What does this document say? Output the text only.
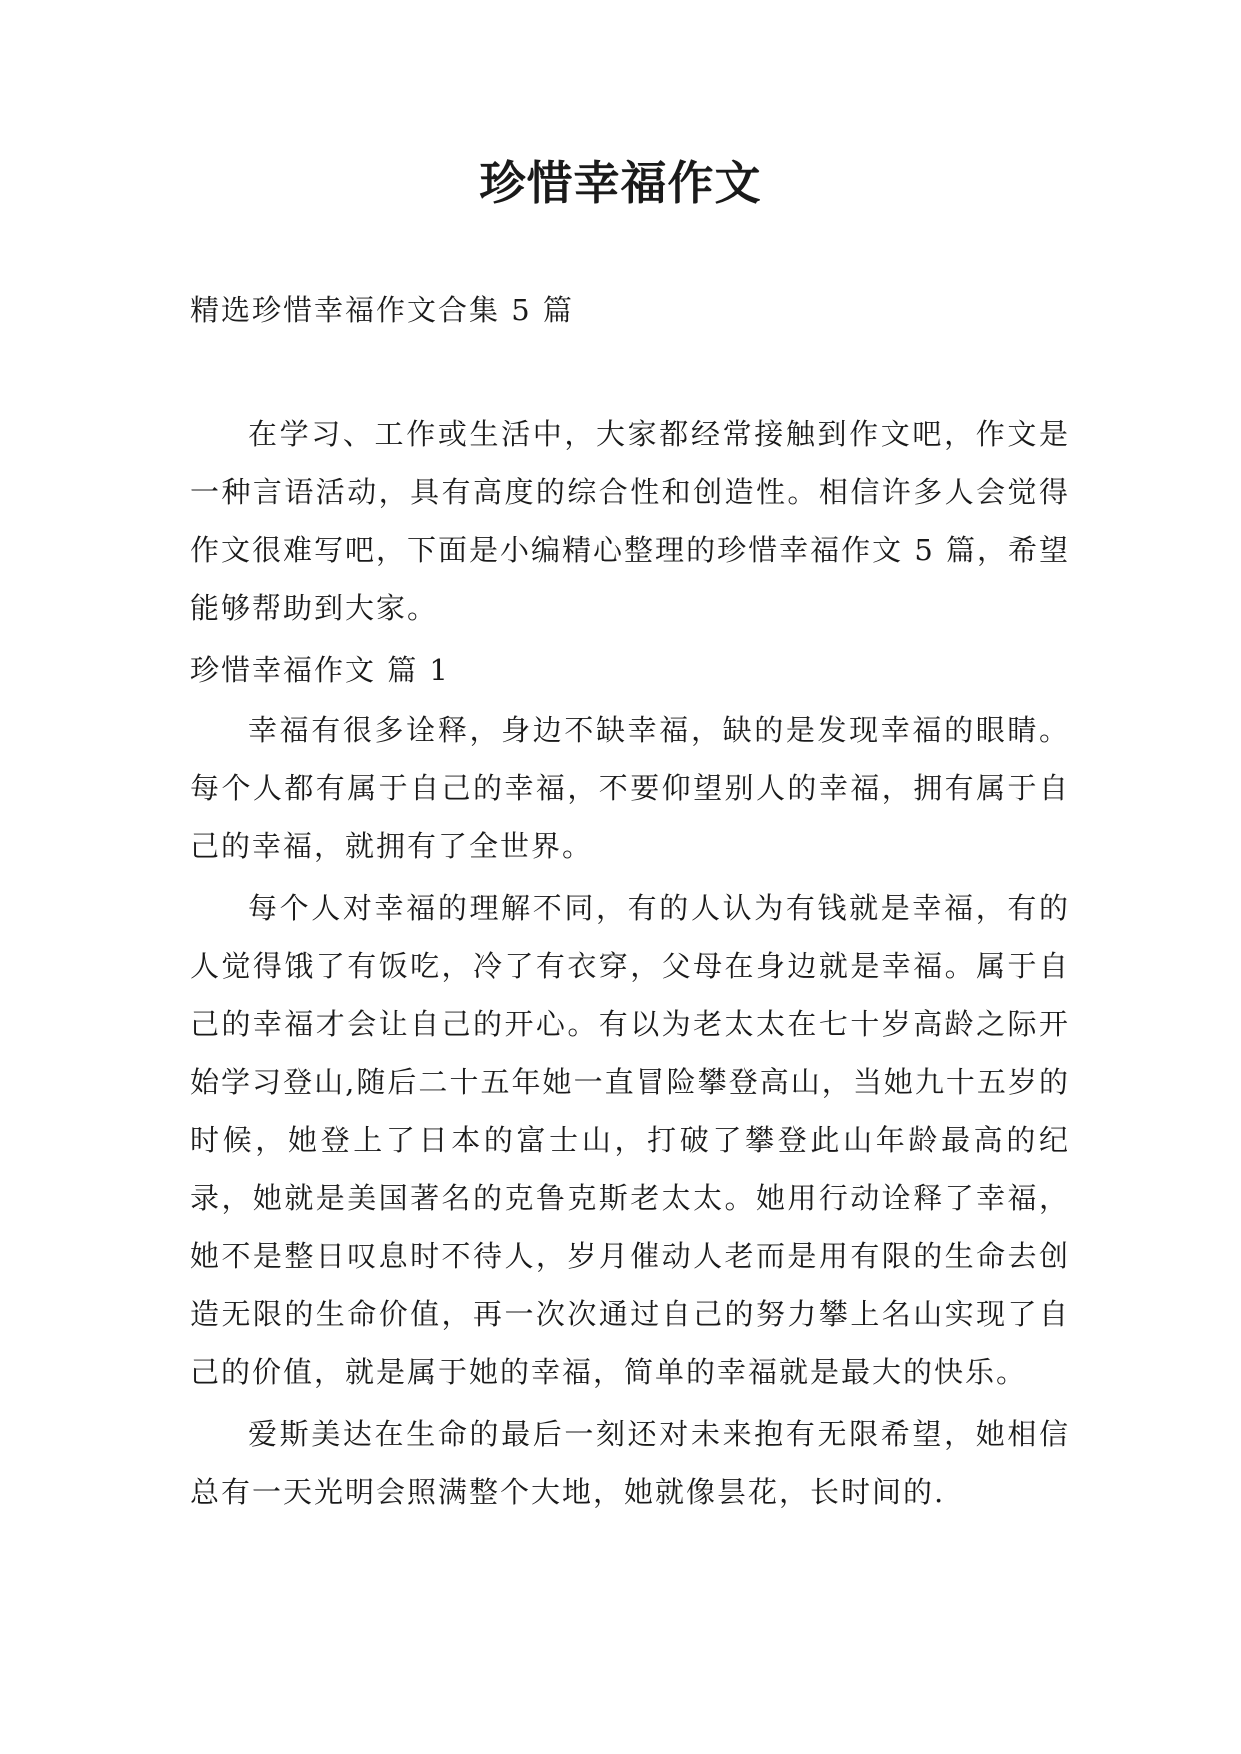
珍惜幸福作文
精选珍惜幸福作文合集 5 篇

在学习、工作或生活中，大家都经常接触到作文吧，作文是一种言语活动，具有高度的综合性和创造性。相信许多人会觉得作文很难写吧，下面是小编精心整理的珍惜幸福作文 5 篇，希望能够帮助到大家。

珍惜幸福作文 篇 1

幸福有很多诠释，身边不缺幸福，缺的是发现幸福的眼睛。每个人都有属于自己的幸福，不要仰望别人的幸福，拥有属于自己的幸福，就拥有了全世界。

每个人对幸福的理解不同，有的人认为有钱就是幸福，有的人觉得饿了有饭吃，冷了有衣穿，父母在身边就是幸福。属于自己的幸福才会让自己的开心。有以为老太太在七十岁高龄之际开始学习登山,随后二十五年她一直冒险攀登高山，当她九十五岁的时候，她登上了日本的富士山，打破了攀登此山年龄最高的纪录，她就是美国著名的克鲁克斯老太太。她用行动诠释了幸福，她不是整日叹息时不待人，岁月催动人老而是用有限的生命去创造无限的生命价值，再一次次通过自己的努力攀上名山实现了自己的价值，就是属于她的幸福，简单的幸福就是最大的快乐。

爱斯美达在生命的最后一刻还对未来抱有无限希望，她相信总有一天光明会照满整个大地，她就像昙花，长时间的.
